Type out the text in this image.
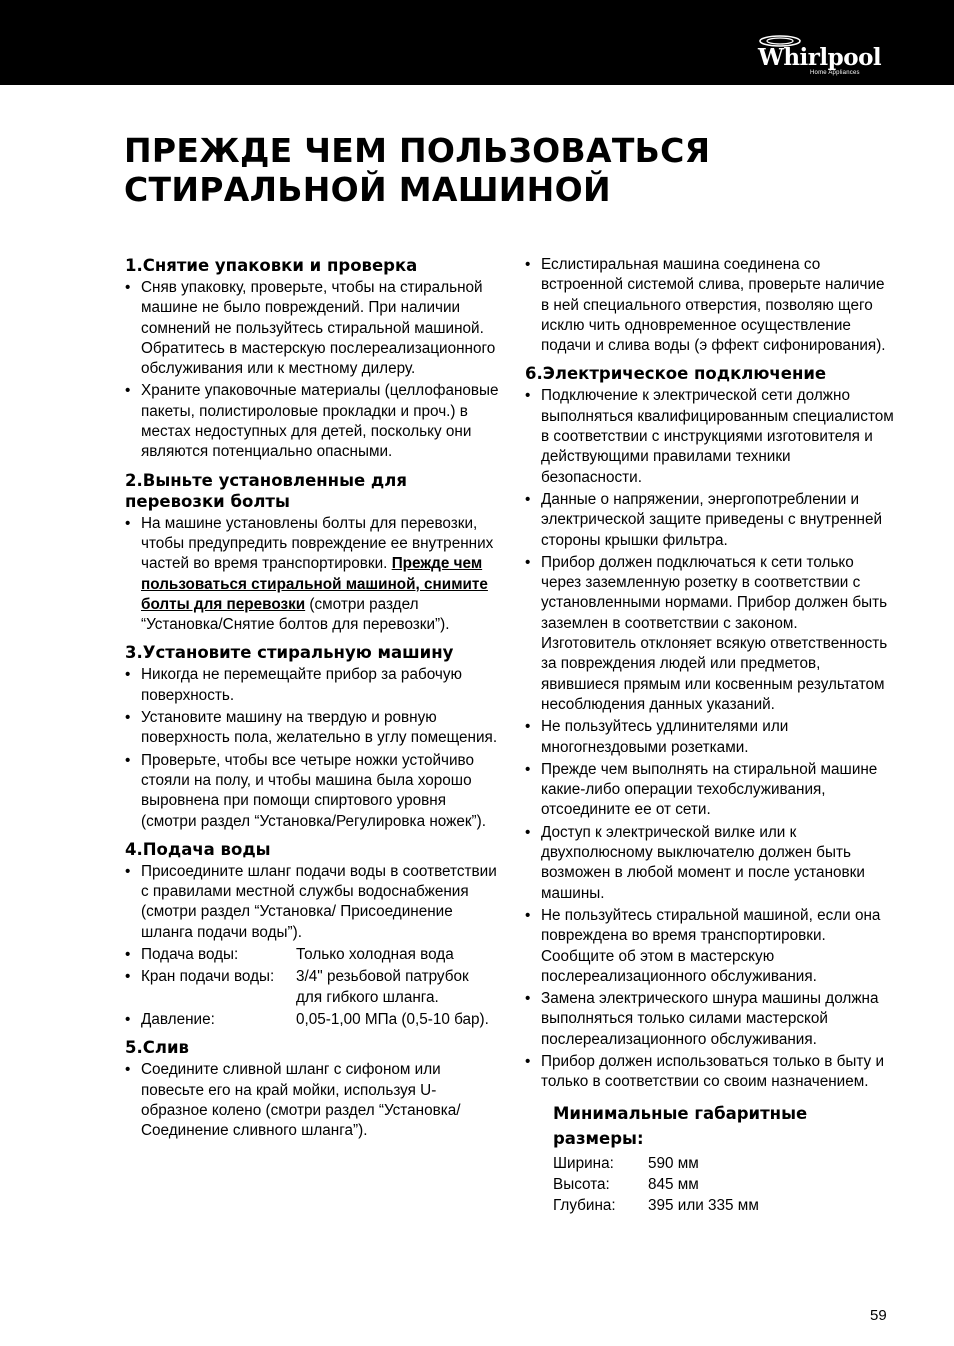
Whirlpool
Home Appliances
ПРЕЖДЕ ЧЕМ ПОЛЬЗОВАТЬСЯ
СТИРАЛЬНОЙ МАШИНОЙ
1.Снятие упаковки и проверка
• Сняв упаковку, проверьте, чтобы на стиральной машине не было повреждений. При наличии сомнений не пользуйтесь стиральной машиной. Обратитесь в мастерскую послереализационного обслуживания или к местному дилеру.
• Храните упаковочные материалы (целлофановые пакеты, полистироловые прокладки и проч.) в местах недоступных для детей, поскольку они являются потенциально опасными.
2.Выньте установленные для перевозки болты
• На машине установлены болты для перевозки, чтобы предупредить повреждение ее внутренних частей во время транспортировки. Прежде чем пользоваться стиральной машиной, снимите болты для перевозки (смотри раздел “Установка/Снятие болтов для перевозки”).
3.Установите стиральную машину
• Никогда не перемещайте прибор за рабочую поверхность.
• Установите машину на твердую и ровную поверхность пола, желательно в углу помещения.
• Проверьте, чтобы все четыре ножки устойчиво стояли на полу, и чтобы машина была хорошо выровнена при помощи спиртового уровня (смотри раздел “Установка/Регулировка ножек”).
4.Подача воды
• Присоедините шланг подачи воды в соответствии с правилами местной службы водоснабжения (смотри раздел “Установка/ Присоединение шланга подачи воды”).
• Подача воды:	Только холодная вода
• Кран подачи воды:	3/4" резьбовой патрубок для гибкого шланга.
• Давление:	0,05-1,00 МПа (0,5-10 бар).
5.Слив
• Соедините сливной шланг с сифоном или повесьте его на край мойки, используя U-образное колено (смотри раздел “Установка/Соединение сливного шланга”).
• Еслистиральная машина соединена со встроенной системой слива, проверьте наличие в ней специального отверстия, позволяю щего исклю чить одновременное осуществление подачи и слива воды (э ффект сифонирования).
6.Электрическое подключение
• Подключение к электрической сети должно выполняться квалифицированным специалистом в соответствии с инструкциями изготовителя и действующими правилами техники безопасности.
• Данные о напряжении, энергопотреблении и электрической защите приведены с внутренней стороны крышки фильтра.
• Прибор должен подключаться к сети только через заземленную розетку в соответствии с установленными нормами. Прибор должен быть заземлен в соответствии с законом. Изготовитель отклоняет всякую ответственность за повреждения людей или предметов, явившиеся прямым или косвенным результатом несоблюдения данных указаний.
• Не пользуйтесь удлинителями или многогнездовыми розетками.
• Прежде чем выполнять на стиральной машине какие-либо операции техобслуживания, отсоедините ее от сети.
• Доступ к электрической вилке или к двухполюсному выключателю должен быть возможен в любой момент и после установки машины.
• Не пользуйтесь стиральной машиной, если она повреждена во время транспортировки. Сообщите об этом в мастерскую послереализационного обслуживания.
• Замена электрического шнура машины должна выполняться только силами мастерской послереализационного обслуживания.
• Прибор должен использоваться только в быту и только в соответствии со своим назначением.
Минимальные габаритные размеры:
Ширина:	590 мм
Высота:	845 мм
Глубина:	395 или 335 мм
59
